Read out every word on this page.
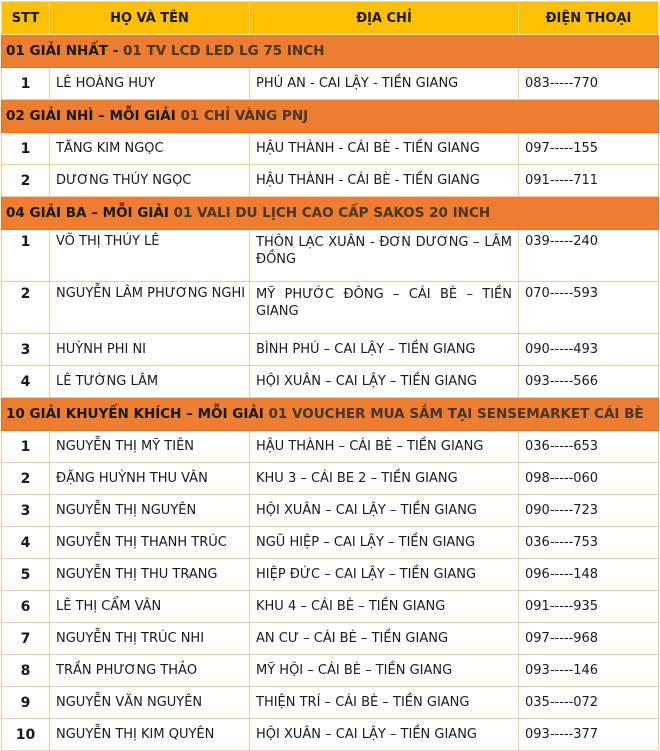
STT	HỌ VÀ TÊN	ĐỊA CHỈ	ĐIỆN THOẠI
01 GIẢI NHẤT - 01 TV LCD LED LG 75 INCH			
1	LÊ HOÀNG HUY	PHÚ AN - CAI LẬY - TIỀN GIANG	083-----770
02 GIẢI NHÌ – MỖI GIẢI 01 CHỈ VÀNG PNJ			
1	TĂNG KIM NGỌC	HẬU THÀNH - CÁI BÈ - TIỀN GIANG	097-----155
2	DƯƠNG THÚY NGỌC	HẬU THÀNH - CÁI BÈ - TIỀN GIANG	091-----711
04 GIẢI BA – MỖI GIẢI 01 VALI DU LỊCH CAO CẤP SAKOS 20 INCH			
1	VÕ THỊ THÚY LÊ	THÔN LẠC XUÂN - ĐƠN DƯƠNG – LÂM ĐỒNG	039-----240
2	NGUYỄN LÂM PHƯƠNG NGHI	MỸ PHƯỚC ĐÔNG – CÁI BÈ – TIỀN GIANG	070-----593
3	HUỲNH PHI NI	BÌNH PHÚ – CAI LẬY – TIỀN GIANG	090-----493
4	LÊ TƯỜNG LÂM	HỘI XUÂN – CAI LẬY – TIỀN GIANG	093-----566
10 GIẢI KHUYẾN KHÍCH – MỖI GIẢI 01 VOUCHER MUA SẮM TẠI SENSEMARKET CÁI BÈ			
1	NGUYỄN THỊ MỸ TIÊN	HẬU THÀNH – CÁI BÈ – TIỀN GIANG	036-----653
2	ĐẶNG HUỲNH THU VÂN	KHU 3 – CÁI BE 2 – TIỀN GIANG	098-----060
3	NGUYỄN THỊ NGUYÊN	HỘI XUÂN – CAI LẬY – TIỀN GIANG	090-----723
4	NGUYỄN THỊ THANH TRÚC	NGŨ HIỆP – CAI LẬY – TIỀN GIANG	036-----753
5	NGUYỄN THỊ THU TRANG	HIỆP ĐỨC – CAI LẬY – TIỀN GIANG	096-----148
6	LÊ THỊ CẨM VÂN	KHU 4 – CÁI BÈ – TIỀN GIANG	091-----935
7	NGUYỄN THỊ TRÚC NHI	AN CƯ – CÁI BÈ – TIỀN GIANG	097-----968
8	TRẦN PHƯƠNG THẢO	MỸ HỘI – CÁI BÈ – TIỀN GIANG	093-----146
9	NGUYỄN VĂN NGUYÊN	THIỆN TRÍ – CÁI BÈ – TIỀN GIANG	035-----072
10	NGUYỄN THỊ KIM QUYÊN	HỘI XUÂN – CAI LẬY – TIỀN GIANG	093-----377
